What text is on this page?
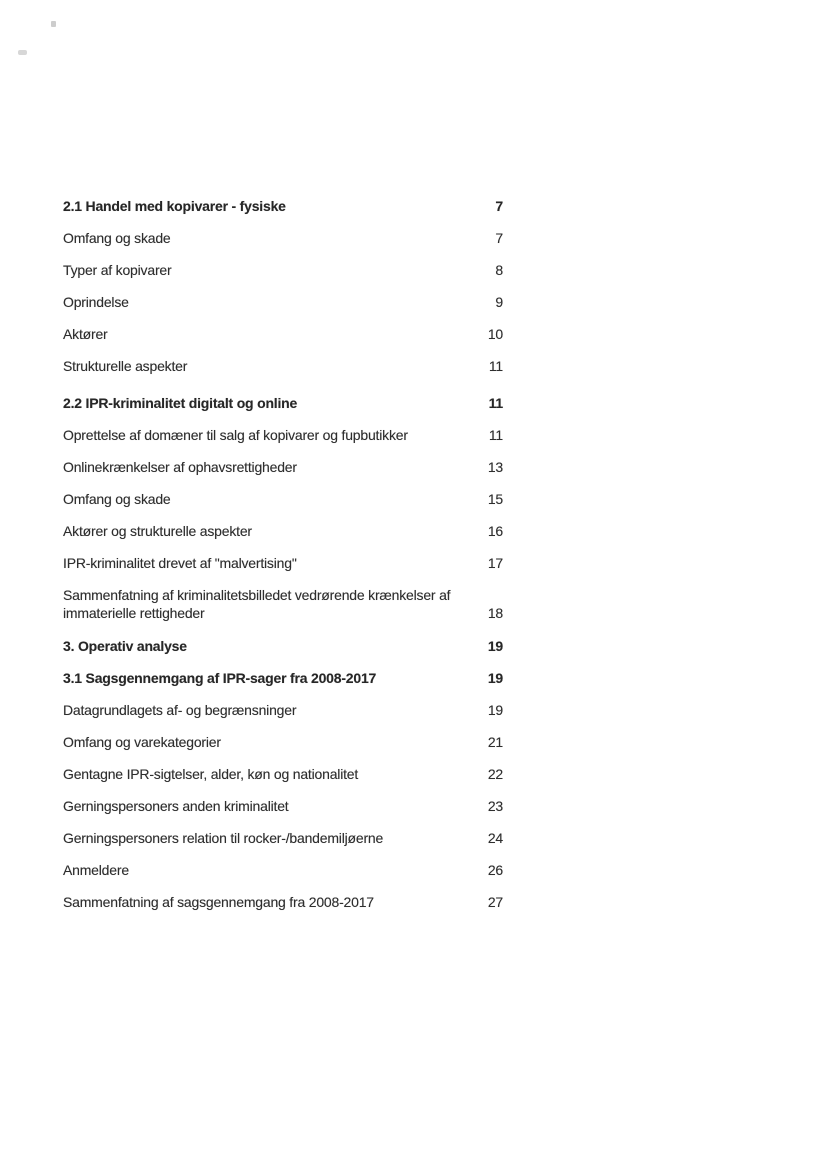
2.1 Handel med kopivarer - fysiske	7
Omfang og skade	7
Typer af kopivarer	8
Oprindelse	9
Aktører	10
Strukturelle aspekter	11
2.2 IPR-kriminalitet digitalt og online	11
Oprettelse af domæner til salg af kopivarer og fupbutikker	11
Onlinekrænkelser af ophavsrettigheder	13
Omfang og skade	15
Aktører og strukturelle aspekter	16
IPR-kriminalitet drevet af "malvertising"	17
Sammenfatning af kriminalitetsbilledet vedrørende krænkelser af immaterielle rettigheder	18
3. Operativ analyse	19
3.1 Sagsgennemgang af IPR-sager fra 2008-2017	19
Datagrundlagets af- og begrænsninger	19
Omfang og varekategorier	21
Gentagne IPR-sigtelser, alder, køn og nationalitet	22
Gerningspersoners anden kriminalitet	23
Gerningspersoners relation til rocker-/bandemiljøerne	24
Anmeldere	26
Sammenfatning af sagsgennemgang fra 2008-2017	27
